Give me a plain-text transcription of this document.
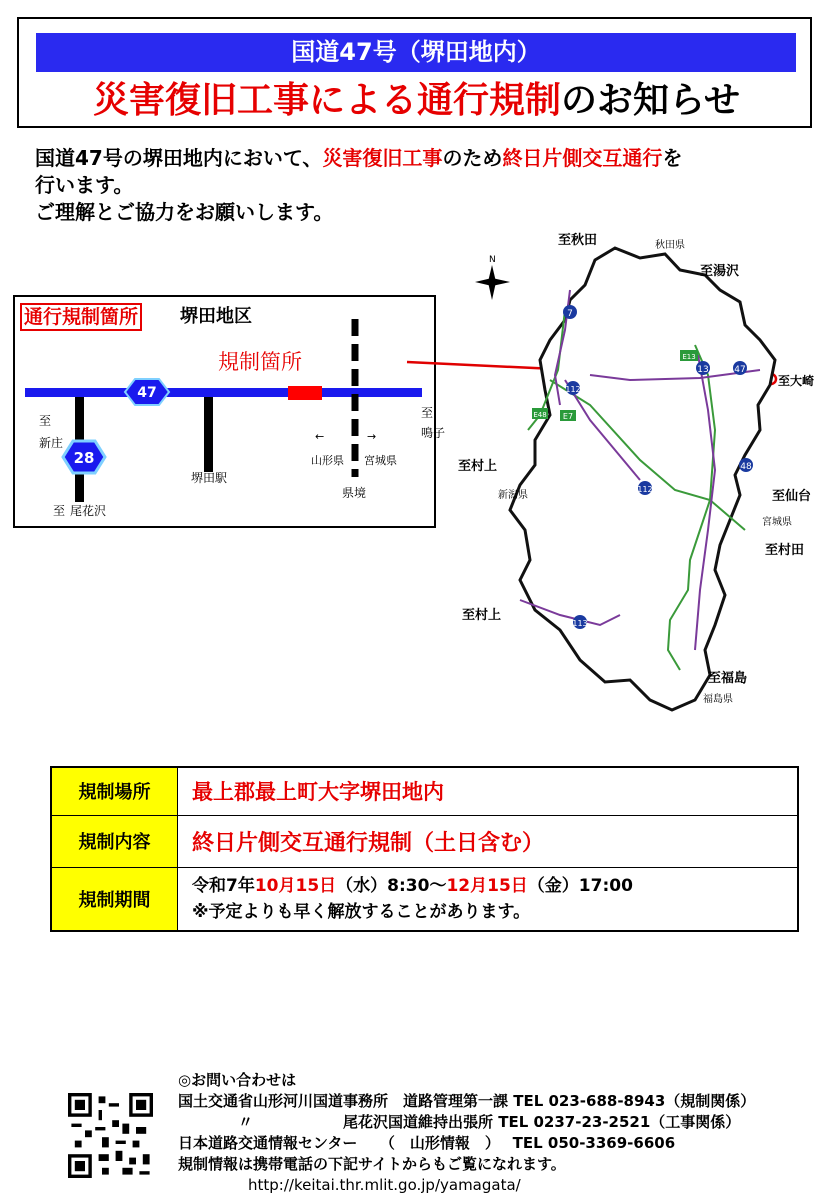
国道47号（堺田地内）
災害復旧工事による通行規制のお知らせ

国道47号の堺田地内において、災害復旧工事のため終日片側交互通行を

行います。

ご理解とご協力をお願いします。

通行規制箇所 堺田地区
47
28
規制箇所
至
新庄
至 尾花沢
至
鳴子
堺田駅
←	→
山形県 宮城県
県境
N
7
E7
112
E48
13
E13
47
48
113
112
至秋田	秋田県
至湯沢
至大崎
至村上
新潟県	至仙台
宮城県
至村田
至村上
至福島
福島県
規制場所	最上郡最上町大字堺田地内
規制内容	終日片側交互通行規制（土日含む）
規制期間	令和7年10月15日（水）8:30～12月15日（金）17:00
※予定よりも早く解放することがあります。
◎お問い合わせは
国土交通省山形河川国道事務所　道路管理第一課 TEL 023-688-8943（規制関係）
　　　　〃　　　　　　尾花沢国道維持出張所 TEL 0237-23-2521（工事関係）
日本道路交通情報センター　　（　山形情報　）　 TEL 050-3369-6606
規制情報は携帯電話の下記サイトからもご覧になれます。
http://keitai.thr.mlit.go.jp/yamagata/
